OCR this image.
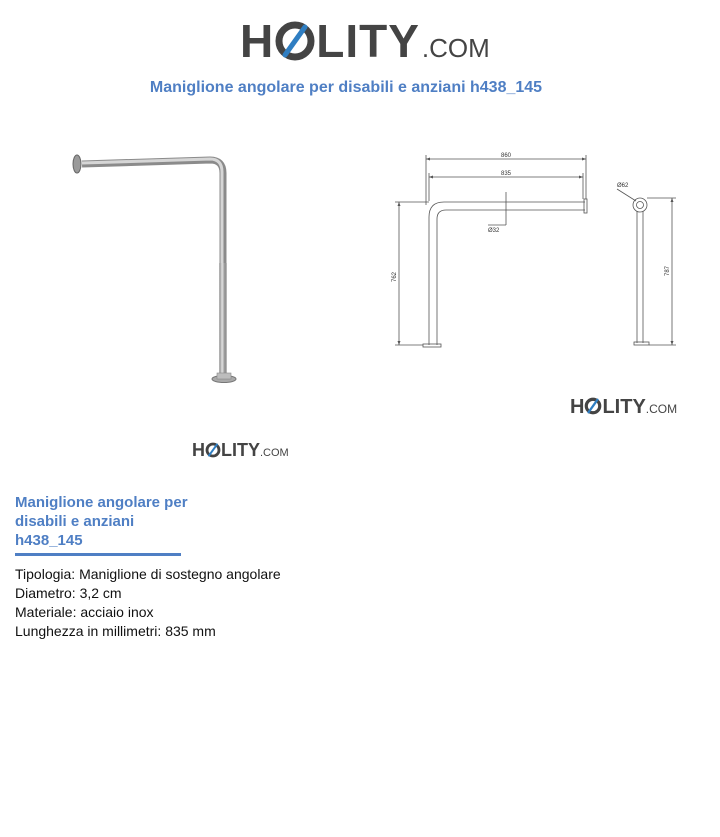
H LITY .COM
Maniglione angolare per disabili e anziani h438_145
860
835
Ø32
762
Ø62
787
H LITY .COM
H LITY .COM
Maniglione angolare per
disabili e anziani
h438_145
Tipologia: Maniglione di sostegno angolare
Diametro: 3,2 cm
Materiale: acciaio inox
Lunghezza in millimetri: 835 mm
